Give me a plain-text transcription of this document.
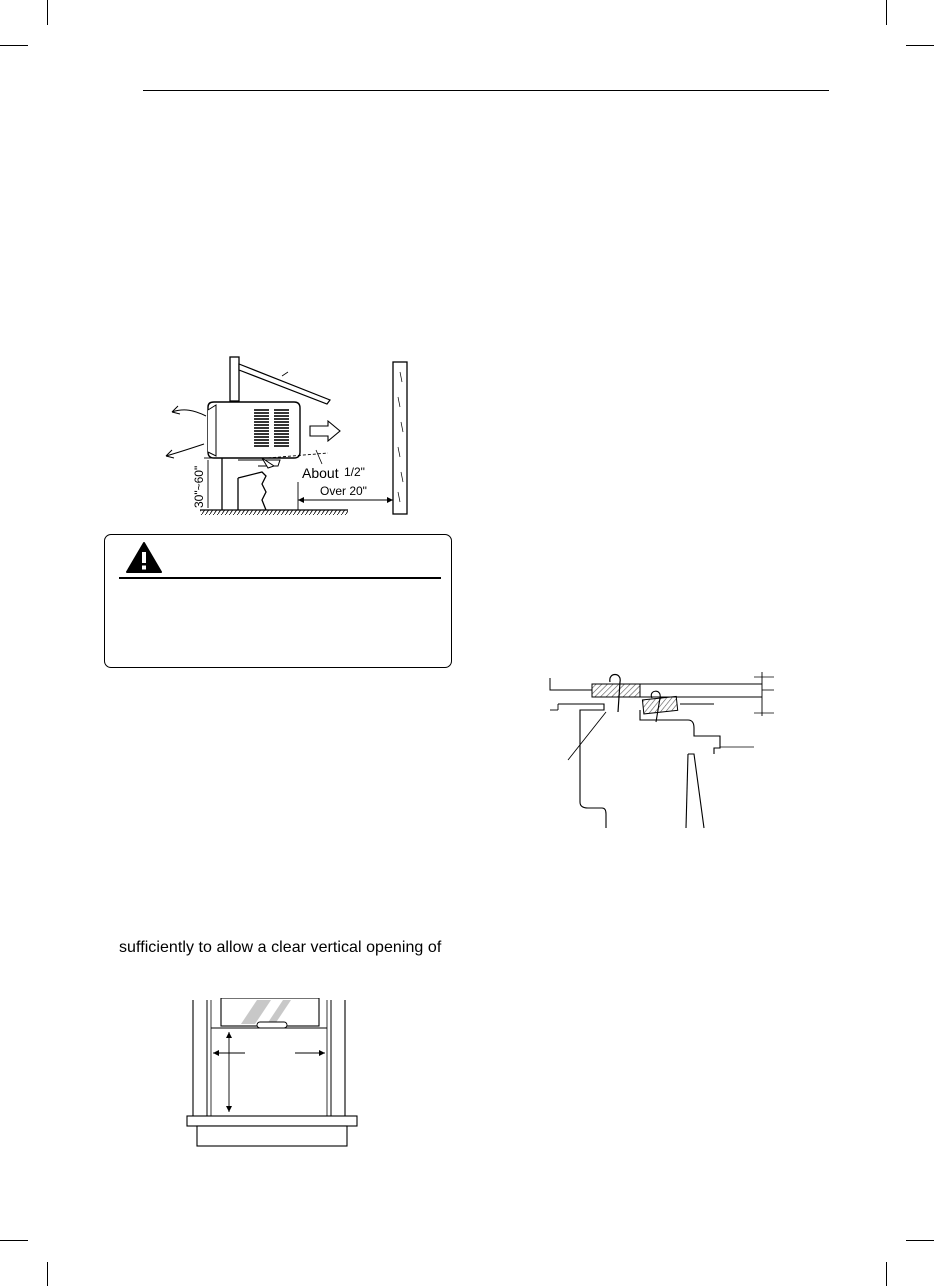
30"~60"	About 1/2"
Over 20"
sufficiently to allow a clear vertical opening of
